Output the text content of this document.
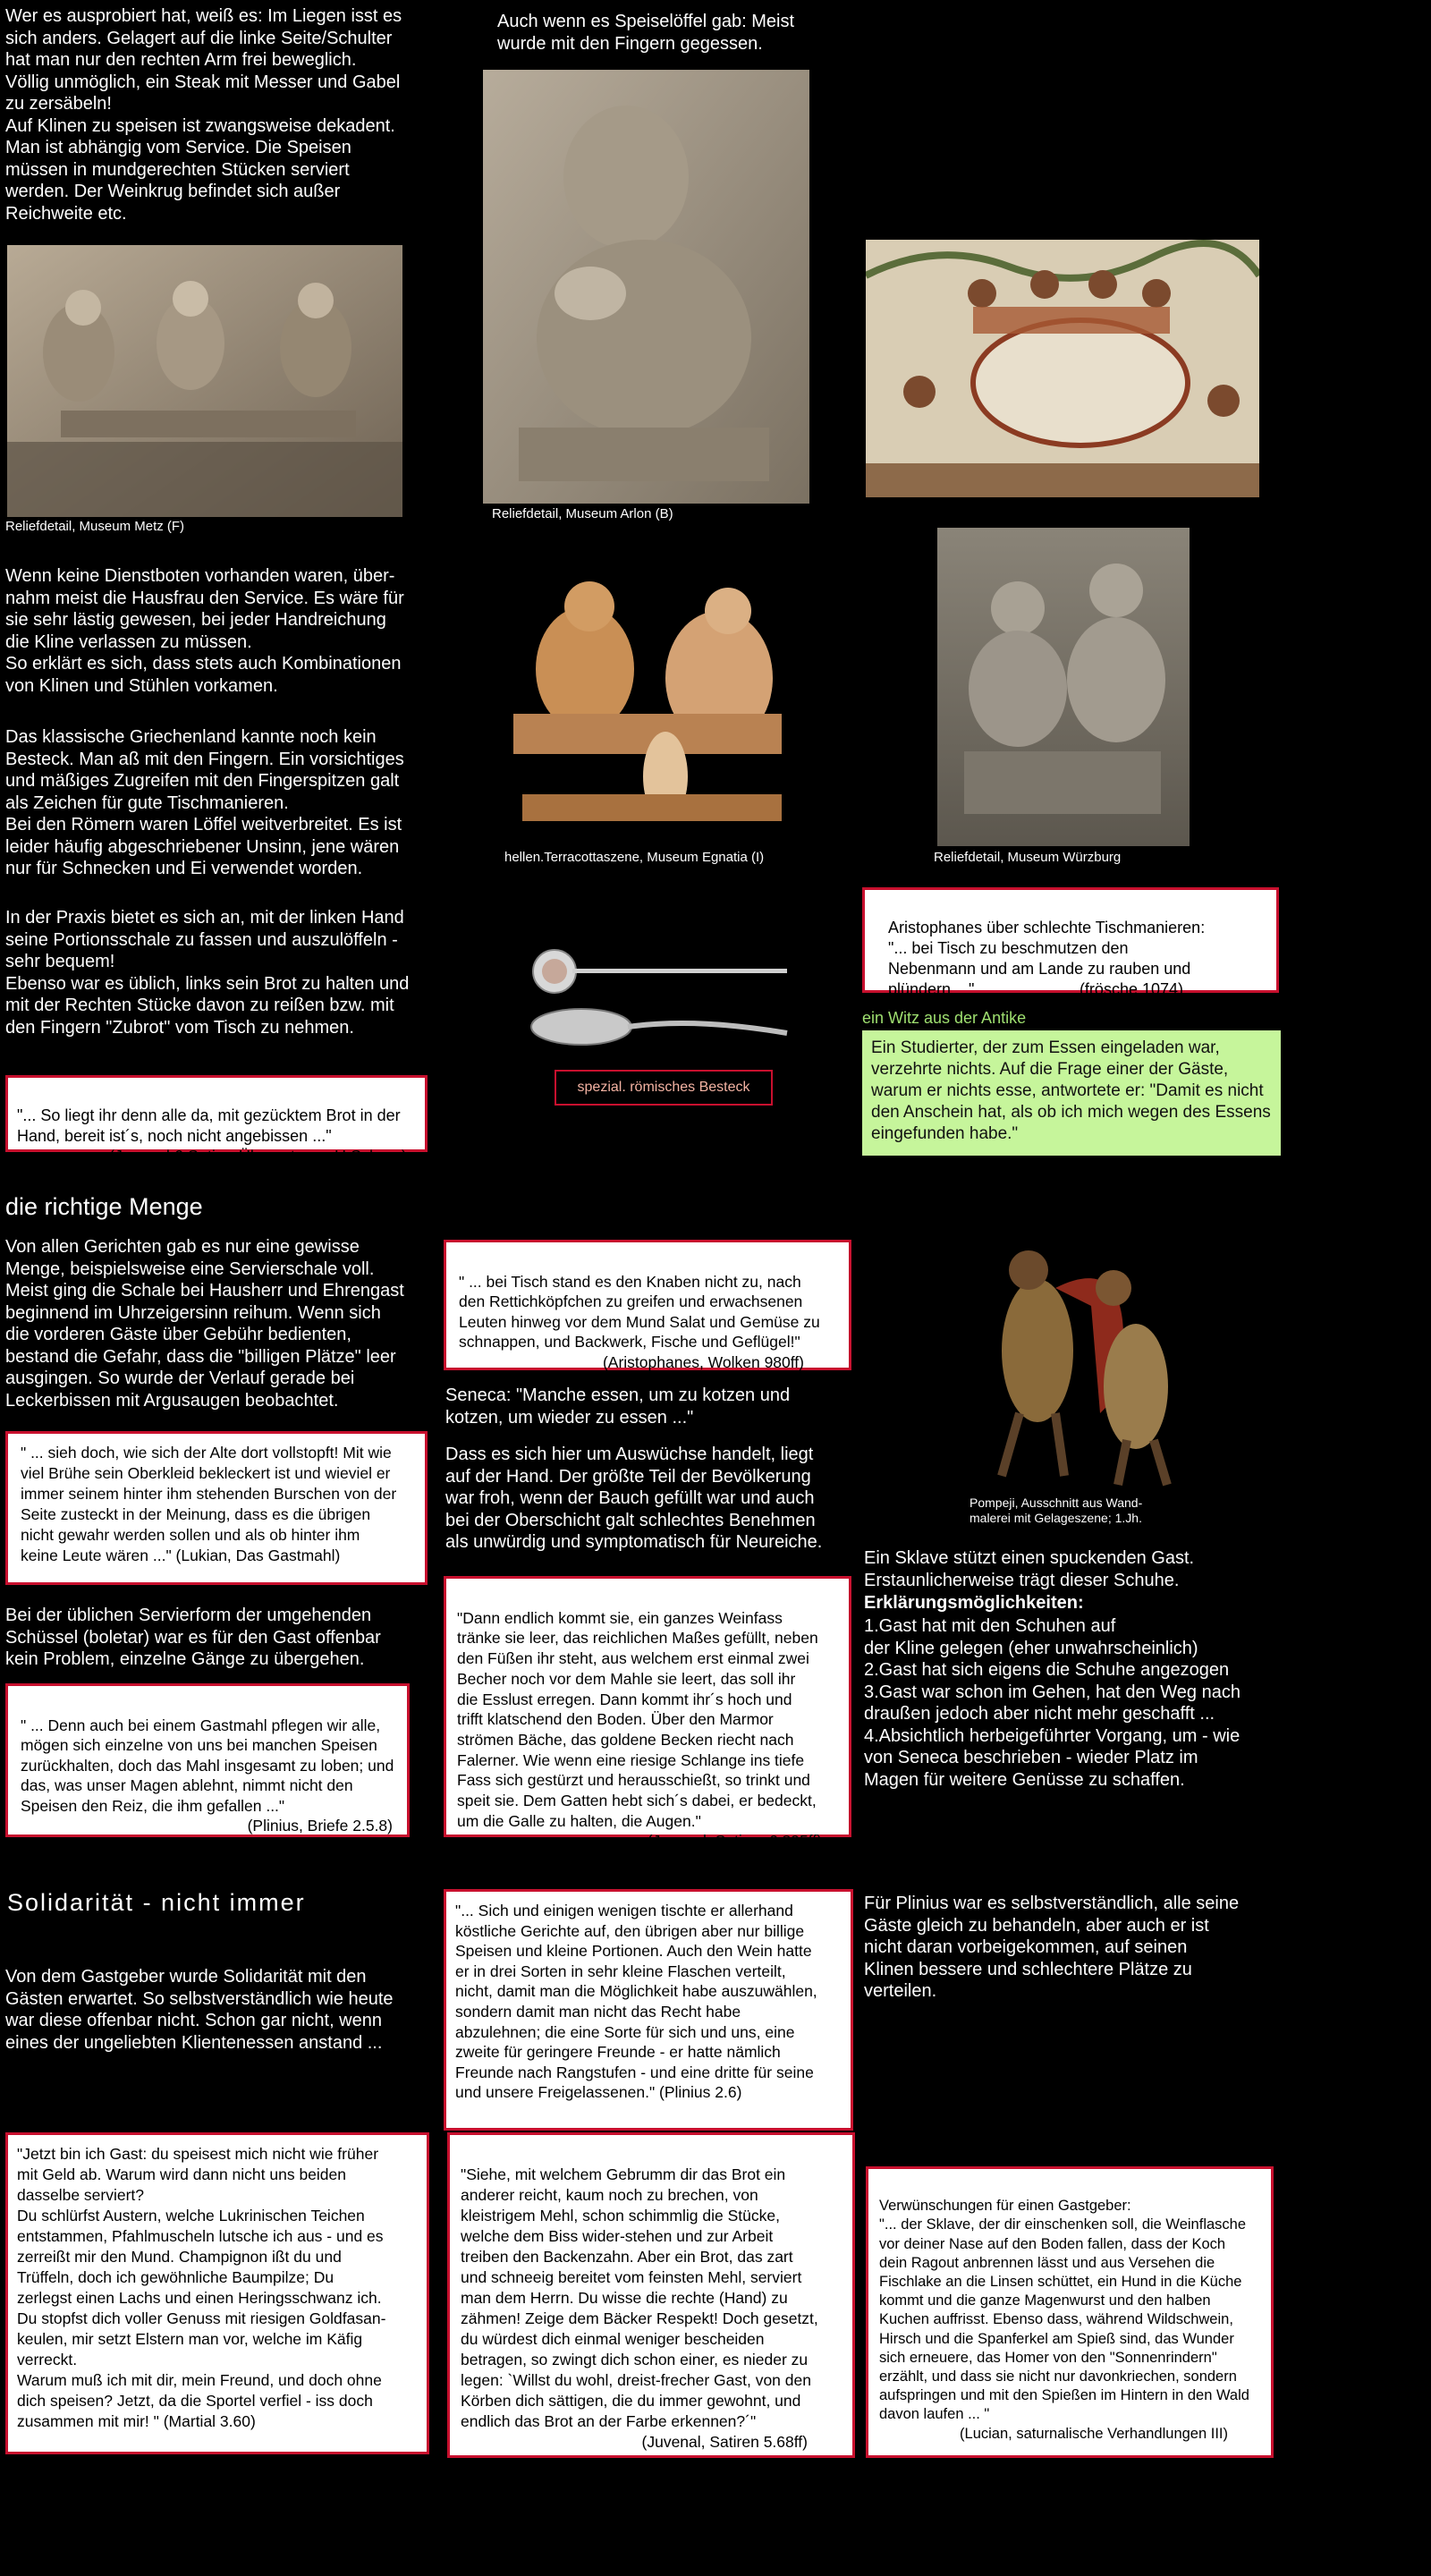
Wer es ausprobiert hat, weiß es: Im Liegen isst es
sich anders. Gelagert auf die linke Seite/Schulter
hat man nur den rechten Arm frei beweglich.
Völlig unmöglich, ein Steak mit Messer und Gabel
zu zersäbeln!
Auf Klinen zu speisen ist zwangsweise dekadent.
Man ist abhängig vom Service. Die Speisen
müssen in mundgerechten Stücken serviert
werden. Der Weinkrug befindet sich außer
Reichweite etc.
Auch wenn es Speiselöffel gab: Meist
wurde mit den Fingern gegessen.
Reliefdetail, Museum Metz (F)
Reliefdetail, Museum Arlon (B)
Wenn keine Dienstboten vorhanden waren, über-
nahm meist die Hausfrau den Service. Es wäre für
sie sehr lästig gewesen, bei jeder Handreichung
die Kline verlassen zu müssen.
So erklärt es sich, dass stets auch Kombinationen
von Klinen und Stühlen vorkamen.
Das klassische Griechenland kannte noch kein
Besteck. Man aß mit den Fingern. Ein vorsichtiges
und mäßiges Zugreifen mit den Fingerspitzen galt
als Zeichen für gute Tischmanieren.
Bei den Römern waren Löffel weitverbreitet. Es ist
leider häufig abgeschriebener Unsinn, jene wären
nur für Schnecken und Ei verwendet worden.
In der Praxis bietet es sich an, mit der linken Hand
seine Portionsschale zu fassen und auszulöffeln -
sehr bequem!
Ebenso war es üblich, links sein Brot zu halten und
mit der Rechten Stücke davon zu reißen bzw. mit
den Fingern "Zubrot" vom Tisch zu nehmen.

"... So liegt ihr denn alle da, mit gezücktem Brot in der
Hand, bereit ist´s, noch nicht angebissen ..."

(Juvenal 6.Satire, Übersetzung H.Schnur)

hellen.Terracottaszene, Museum Egnatia (I)	Reliefdetail, Museum Würzburg
spezial. römisches Besteck

Aristophanes über schlechte Tischmanieren:
"... bei Tisch zu beschmutzen den
Nebenmann und am Lande zu rauben und
plündern ..."	(frösche 1074)

ein Witz aus der Antike
Ein Studierter, der zum Essen eingeladen war,
verzehrte nichts. Auf die Frage einer der Gäste,
warum er nichts esse, antwortete er: "Damit es nicht
den Anschein hat, als ob ich mich wegen des Essens
eingefunden habe."
die richtige Menge
Von allen Gerichten gab es nur eine gewisse
Menge, beispielsweise eine Servierschale voll.
Meist ging die Schale bei Hausherr und Ehrengast
beginnend im Uhrzeigersinn reihum. Wenn sich
die vorderen Gäste über Gebühr bedienten,
bestand die Gefahr, dass die "billigen Plätze" leer
ausgingen. So wurde der Verlauf gerade bei
Leckerbissen mit Argusaugen beobachtet.
" ... sieh doch, wie sich der Alte dort vollstopft! Mit wie
viel Brühe sein Oberkleid bekleckert ist und wieviel er
immer seinem hinter ihm stehenden Burschen von der
Seite zusteckt in der Meinung, dass es die übrigen
nicht gewahr werden sollen und als ob hinter ihm
keine Leute wären ..." (Lukian, Das Gastmahl)
Bei der üblichen Servierform der umgehenden
Schüssel (boletar) war es für den Gast offenbar
kein Problem, einzelne Gänge zu übergehen.

" ... Denn auch bei einem Gastmahl pflegen wir alle,
mögen sich einzelne von uns bei manchen Speisen
zurückhalten, doch das Mahl insgesamt zu loben; und
das, was unser Magen ablehnt, nimmt nicht den
Speisen den Reiz, die ihm gefallen ..."

(Plinius, Briefe 2.5.8)

" ... bei Tisch stand es den Knaben nicht zu, nach
den Rettichköpfchen zu greifen und erwachsenen
Leuten hinweg vor dem Mund Salat und Gemüse zu
schnappen, und Backwerk, Fische und Geflügel!"

(Aristophanes, Wolken 980ff)

Seneca: "Manche essen, um zu kotzen und
kotzen, um wieder zu essen ..."
Dass es sich hier um Auswüchse handelt, liegt
auf der Hand. Der größte Teil der Bevölkerung
war froh, wenn der Bauch gefüllt war und auch
bei der Oberschicht galt schlechtes Benehmen
als unwürdig und symptomatisch für Neureiche.

"Dann endlich kommt sie, ein ganzes Weinfass
tränke sie leer, das reichlichen Maßes gefüllt, neben
den Füßen ihr steht, aus welchem erst einmal zwei
Becher noch vor dem Mahle sie leert, das soll ihr
die Esslust erregen. Dann kommt ihr´s hoch und
trifft klatschend den Boden. Über den Marmor
strömen Bäche, das goldene Becken riecht nach
Falerner. Wie wenn eine riesige Schlange ins tiefe
Fass sich gestürzt und herausschießt, so trinkt und
speit sie. Dem Gatten hebt sich´s dabei, er bedeckt,
um die Galle zu halten, die Augen."

(Juvenal, Satiren 6.395ff)

Pompeji, Ausschnitt aus Wand-
malerei mit Gelageszene; 1.Jh.
Ein Sklave stützt einen spuckenden Gast.
Erstaunlicherweise trägt dieser Schuhe.
Erklärungsmöglichkeiten:
1.Gast hat mit den Schuhen auf
der Kline gelegen (eher unwahrscheinlich)
2.Gast hat sich eigens die Schuhe angezogen
3.Gast war schon im Gehen, hat den Weg nach
draußen jedoch aber nicht mehr geschafft ...
4.Absichtlich herbeigeführter Vorgang, um - wie
von Seneca beschrieben - wieder Platz im
Magen für weitere Genüsse zu schaffen.
Solidarität - nicht immer
Von dem Gastgeber wurde Solidarität mit den
Gästen erwartet. So selbstverständlich wie heute
war diese offenbar nicht. Schon gar nicht, wenn
eines der ungeliebten Klientenessen anstand ...
"... Sich und einigen wenigen tischte er allerhand
köstliche Gerichte auf, den übrigen aber nur billige
Speisen und kleine Portionen. Auch den Wein hatte
er in drei Sorten in sehr kleine Flaschen verteilt,
nicht, damit man die Möglichkeit habe auszuwählen,
sondern damit man nicht das Recht habe
abzulehnen; die eine Sorte für sich und uns, eine
zweite für geringere Freunde - er hatte nämlich
Freunde nach Rangstufen - und eine dritte für seine
und unsere Freigelassenen." (Plinius 2.6)
Für Plinius war es selbstverständlich, alle seine
Gäste gleich zu behandeln, aber auch er ist
nicht daran vorbeigekommen, auf seinen
Klinen bessere und schlechtere Plätze zu
verteilen.
"Jetzt bin ich Gast: du speisest mich nicht wie früher
mit Geld ab. Warum wird dann nicht uns beiden
dasselbe serviert?
Du schlürfst Austern, welche Lukrinischen Teichen
entstammen, Pfahlmuscheln lutsche ich aus - und es
zerreißt mir den Mund. Champignon ißt du und
Trüffeln, doch ich gewöhnliche Baumpilze; Du
zerlegst einen Lachs und einen Heringsschwanz ich.
Du stopfst dich voller Genuss mit riesigen Goldfasan-
keulen, mir setzt Elstern man vor, welche im Käfig
verreckt.
Warum muß ich mit dir, mein Freund, und doch ohne
dich speisen? Jetzt, da die Sportel verfiel - iss doch
zusammen mit mir! " (Martial 3.60)

"Siehe, mit welchem Gebrumm dir das Brot ein
anderer reicht, kaum noch zu brechen, von
kleistrigem Mehl, schon schimmlig die Stücke,
welche dem Biss wider-stehen und zur Arbeit
treiben den Backenzahn. Aber ein Brot, das zart
und schneeig bereitet vom feinsten Mehl, serviert
man dem Herrn. Du wisse die rechte (Hand) zu
zähmen! Zeige dem Bäcker Respekt! Doch gesetzt,
du würdest dich einmal weniger bescheiden
betragen, so zwingt dich schon einer, es nieder zu
legen: `Willst du wohl, dreist-frecher Gast, von den
Körben dich sättigen, die du immer gewohnt, und
endlich das Brot an der Farbe erkennen?´"

(Juvenal, Satiren 5.68ff)

Verwünschungen für einen Gastgeber:
"... der Sklave, der dir einschenken soll, die Weinflasche
vor deiner Nase auf den Boden fallen, dass der Koch
dein Ragout anbrennen lässt und aus Versehen die
Fischlake an die Linsen schüttet, ein Hund in die Küche
kommt und die ganze Magenwurst und den halben
Kuchen auffrisst. Ebenso dass, während Wildschwein,
Hirsch und die Spanferkel am Spieß sind, das Wunder
sich erneuere, das Homer von den "Sonnenrindern"
erzählt, und dass sie nicht nur davonkriechen, sondern
aufspringen und mit den Spießen im Hintern in den Wald
davon laufen ... "

(Lucian, saturnalische Verhandlungen III)
